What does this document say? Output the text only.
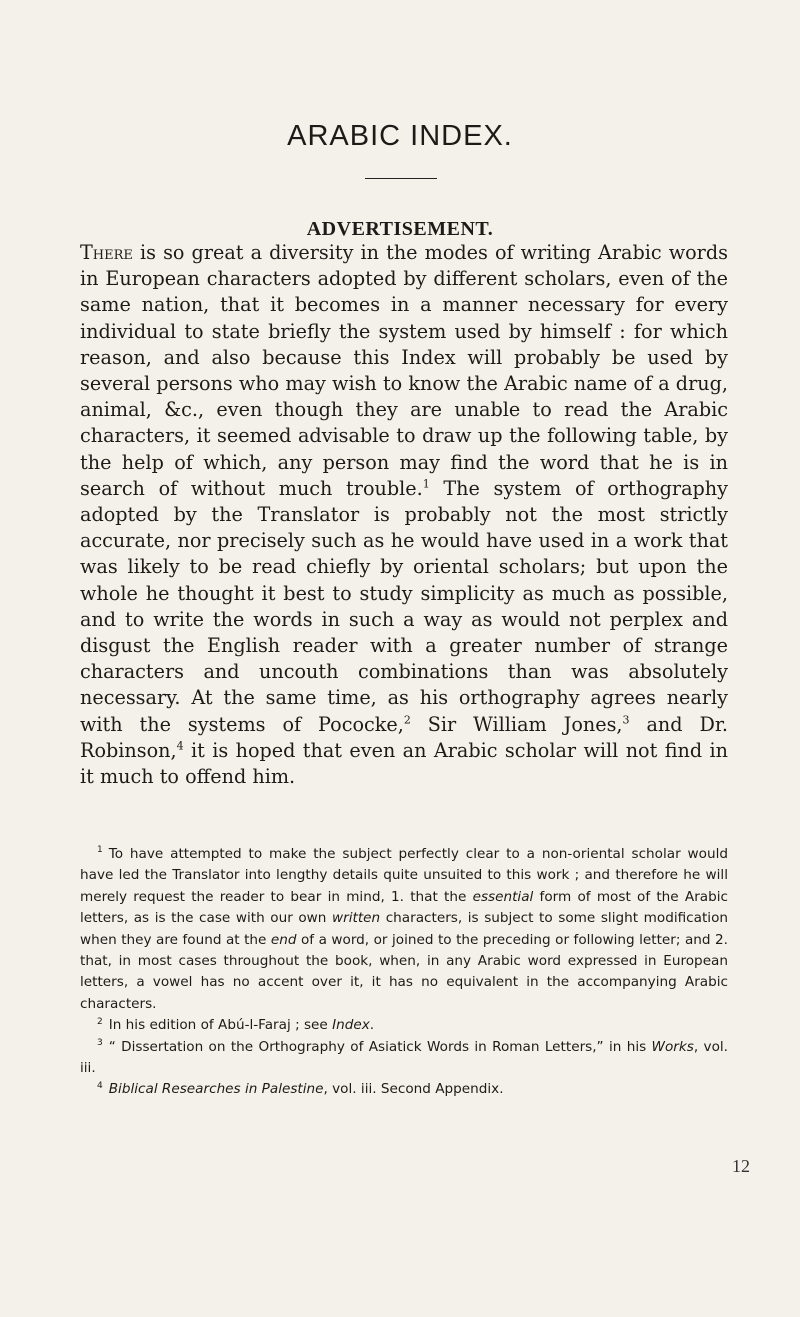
ARABIC INDEX.
ADVERTISEMENT.

There is so great a diversity in the modes of writing Arabic words in European characters adopted by different scholars, even of the same nation, that it becomes in a manner necessary for every individual to state briefly the system used by himself : for which reason, and also because this Index will probably be used by several persons who may wish to know the Arabic name of a drug, animal, &c., even though they are unable to read the Arabic characters, it seemed advisable to draw up the following table, by the help of which, any person may find the word that he is in search of without much trouble.$^1$ The system of orthography adopted by the Translator is probably not the most strictly accurate, nor precisely such as he would have used in a work that was likely to be read chiefly by oriental scholars; but upon the whole he thought it best to study simplicity as much as possible, and to write the words in such a way as would not perplex and disgust the English reader with a greater number of strange characters and uncouth combinations than was absolutely necessary. At the same time, as his orthography agrees nearly with the systems of Pococke,$^2$ Sir William Jones,$^3$ and Dr. Robinson,$^4$ it is hoped that even an Arabic scholar will not find in it much to offend him.

$^1$ To have attempted to make the subject perfectly clear to a non-oriental scholar would have led the Translator into lengthy details quite unsuited to this work ; and therefore he will merely request the reader to bear in mind, 1. that the essential form of most of the Arabic letters, as is the case with our own written characters, is subject to some slight modification when they are found at the end of a word, or joined to the preceding or following letter; and 2. that, in most cases throughout the book, when, in any Arabic word expressed in European letters, a vowel has no accent over it, it has no equivalent in the accompanying Arabic characters.

$^2$ In his edition of Abú-l-Faraj ; see Index.

$^3$ “ Dissertation on the Orthography of Asiatick Words in Roman Letters,” in his Works, vol. iii.

$^4$ Biblical Researches in Palestine, vol. iii. Second Appendix.

12
